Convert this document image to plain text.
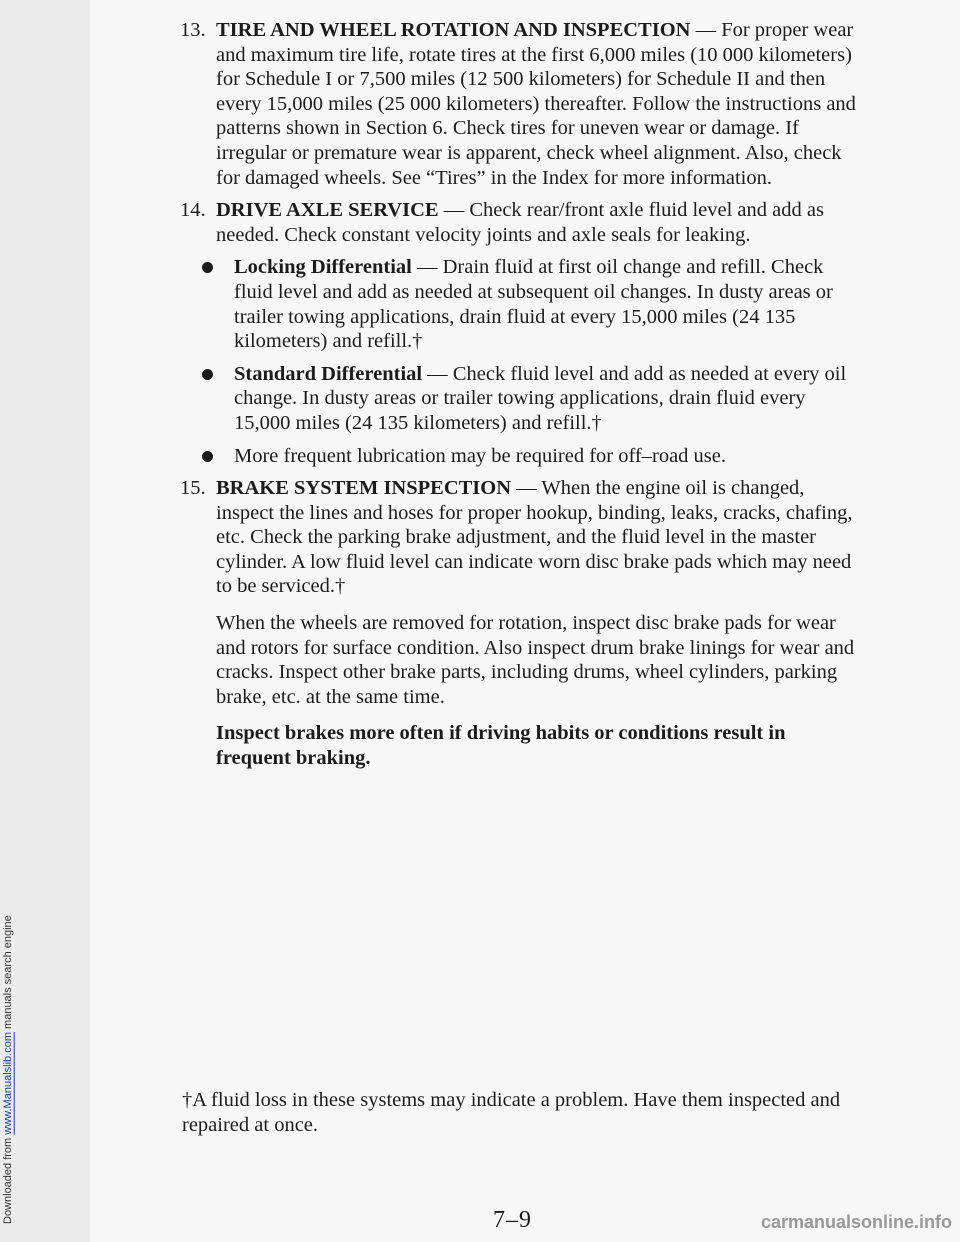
Downloaded from www.Manualslib.com manuals search engine
13. TIRE AND WHEEL ROTATION AND INSPECTION — For proper wear and maximum tire life, rotate tires at the first 6,000 miles (10 000 kilometers) for Schedule I or 7,500 miles (12 500 kilometers) for Schedule II and then every 15,000 miles (25 000 kilometers) thereafter. Follow the instructions and patterns shown in Section 6. Check tires for uneven wear or damage. If irregular or premature wear is apparent, check wheel alignment. Also, check for damaged wheels. See “Tires” in the Index for more information.
14. DRIVE AXLE SERVICE — Check rear/front axle fluid level and add as needed. Check constant velocity joints and axle seals for leaking.
Locking Differential — Drain fluid at first oil change and refill. Check fluid level and add as needed at subsequent oil changes. In dusty areas or trailer towing applications, drain fluid at every 15,000 miles (24 135 kilometers) and refill.†
Standard Differential — Check fluid level and add as needed at every oil change. In dusty areas or trailer towing applications, drain fluid every 15,000 miles (24 135 kilometers) and refill.†
More frequent lubrication may be required for off–road use.
15. BRAKE SYSTEM INSPECTION — When the engine oil is changed, inspect the lines and hoses for proper hookup, binding, leaks, cracks, chafing, etc. Check the parking brake adjustment, and the fluid level in the master cylinder. A low fluid level can indicate worn disc brake pads which may need to be serviced.†
When the wheels are removed for rotation, inspect disc brake pads for wear and rotors for surface condition. Also inspect drum brake linings for wear and cracks. Inspect other brake parts, including drums, wheel cylinders, parking brake, etc. at the same time.
Inspect brakes more often if driving habits or conditions result in frequent braking.
†A fluid loss in these systems may indicate a problem. Have them inspected and repaired at once.
7–9	carmanualsonline.info
